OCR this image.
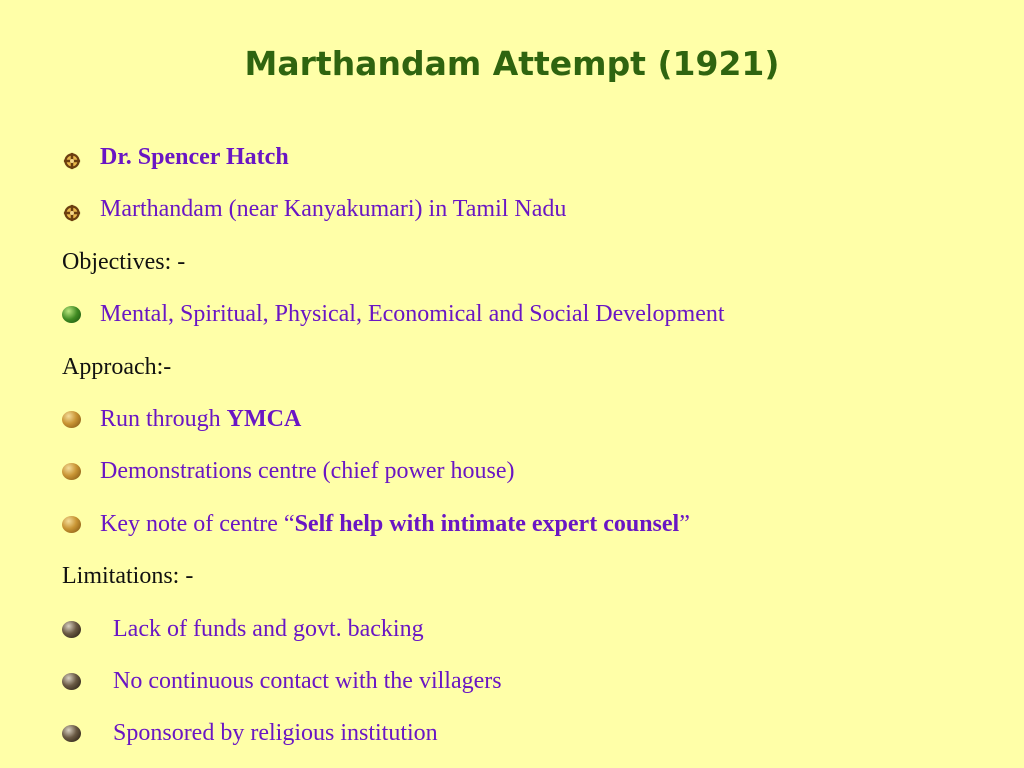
Marthandam Attempt (1921)
Dr. Spencer Hatch
Marthandam (near Kanyakumari) in Tamil Nadu
Objectives: -
Mental, Spiritual, Physical, Economical and Social Development
Approach:-
Run through YMCA
Demonstrations centre (chief power house)
Key note of centre “Self help with intimate expert counsel”
Limitations: -
Lack of funds and govt. backing
No continuous contact with the villagers
Sponsored by religious institution
